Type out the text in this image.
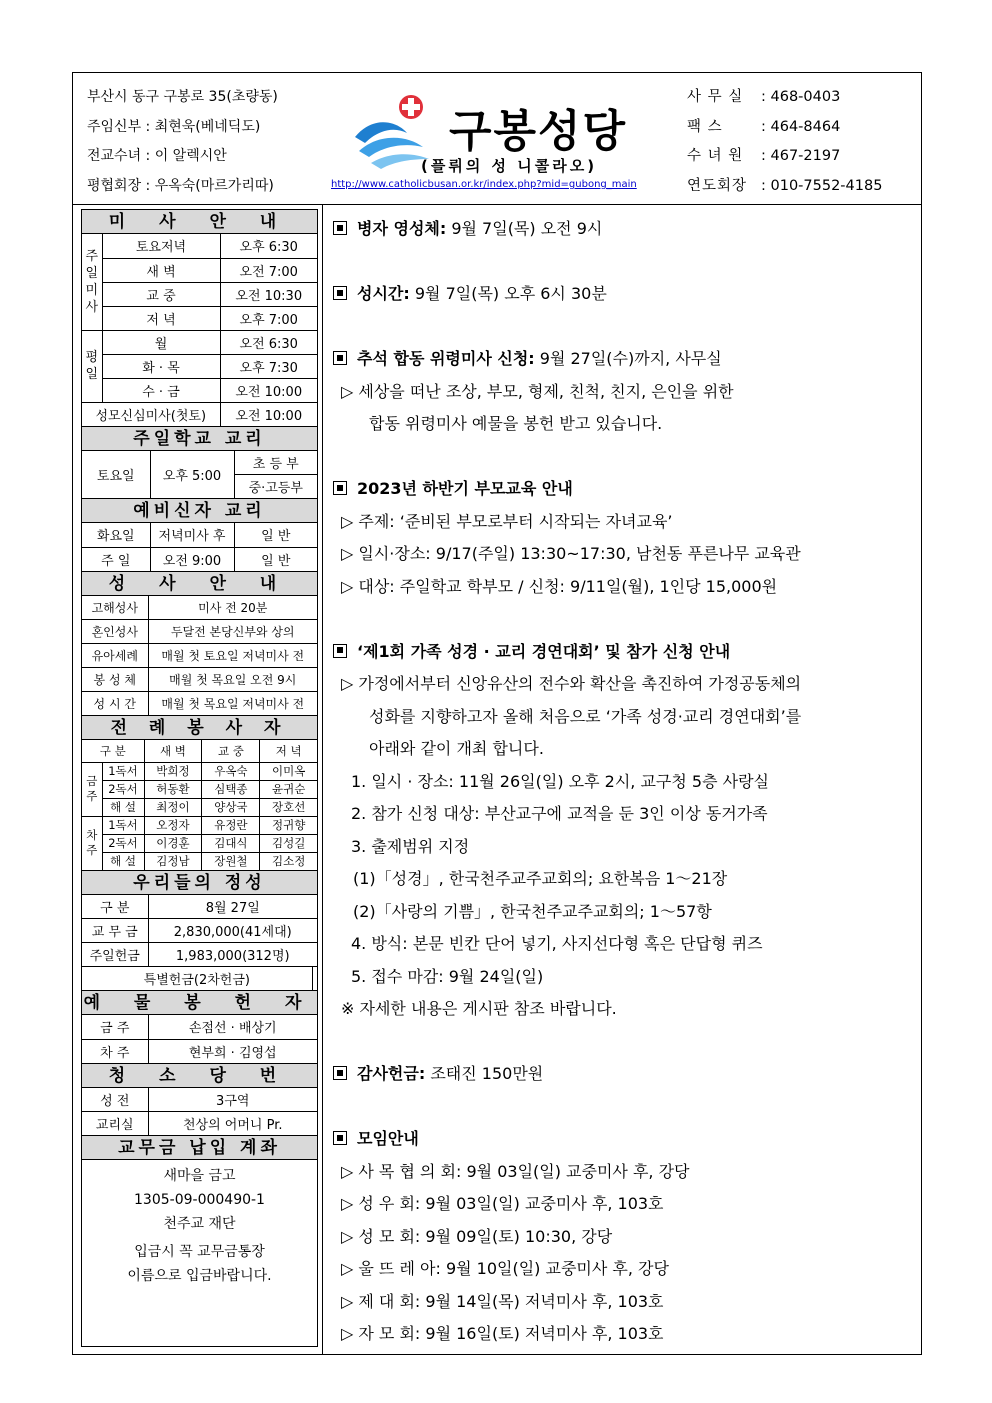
부산시 동구 구봉로 35(초량동)
주임신부 : 최현욱(베네딕도)
전교수녀 : 이 알렉시안
평협회장 : 우옥숙(마르가리따)
구봉성당
(플뤼의 성 니콜라오)
http://www.catholicbusan.or.kr/index.php?mid=gubong_main
사 무 실	: 468-0403
팩 스	: 464-8464
수 녀 원	: 467-2197
연도회장 : 010-7552-4185
미 사 안 내
주일미사	토요저녁	오후 6:30
	새 벽	오전 7:00
	교 중	오전 10:30
	저 녁	오후 7:00
평일	월	오전 6:30
	화 · 목	오후 7:30
	수 · 금	오전 10:00
성모신심미사(첫토)		오전 10:00
주일학교 교리
토요일	오후 5:00	초 등 부
중·고등부
예비신자 교리
화요일	저녁미사 후	일 반
주 일	오전 9:00	일 반
성 사 안 내
고해성사	미사 전 20분
혼인성사	두달전 본당신부와 상의
유아세례	매월 첫 토요일 저녁미사 전
봉 성 체	매월 첫 목요일 오전 9시
성 시 간	매월 첫 목요일 저녁미사 전
전 례 봉 사 자
구 분		새 벽	교 중	저 녁
금주	1독서	박희정	우옥숙	이미옥
	2독서	허동환	심택종	윤귀순
	해 설	최정이	양상국	장호선
차주	1독서	오정자	유정란	정귀향
	2독서	이경훈	김대식	김성길
	해 설	김정남	장원철	김소정
우리들의 정성
구 분	8월 27일	
교 무 금	2,830,000(41세대)	
주일헌금	1,983,000(312명)	
특별헌금(2차헌금)		
예 물 봉 헌 자
금 주	손점선 · 배상기
차 주	현부희 · 김영섭
청 소 당 번
성 전	3구역
교리실	천상의 어머니 Pr.
교무금 납입 계좌
새마을 금고
1305-09-000490-1
천주교 재단
입금시 꼭 교무금통장
이름으로 입금바랍니다.
병자 영성체: 9월 7일(목) 오전 9시
성시간: 9월 7일(목) 오후 6시 30분
추석 합동 위령미사 신청: 9월 27일(수)까지, 사무실
▷ 세상을 떠난 조상, 부모, 형제, 친척, 친지, 은인을 위한
합동 위령미사 예물을 봉헌 받고 있습니다.
2023년 하반기 부모교육 안내
▷ 주제: ‘준비된 부모로부터 시작되는 자녀교육’
▷ 일시·장소: 9/17(주일) 13:30~17:30, 남천동 푸른나무 교육관
▷ 대상: 주일학교 학부모 / 신청: 9/11일(월), 1인당 15,000원
‘제1회 가족 성경 · 교리 경연대회’ 및 참가 신청 안내
▷ 가정에서부터 신앙유산의 전수와 확산을 촉진하여 가정공동체의
성화를 지향하고자 올해 처음으로 ‘가족 성경·교리 경연대회’를
아래와 같이 개최 합니다.
1. 일시 · 장소: 11월 26일(일) 오후 2시, 교구청 5층 사랑실
2. 참가 신청 대상: 부산교구에 교적을 둔 3인 이상 동거가족
3. 출제범위 지정
(1)「성경」, 한국천주교주교회의; 요한복음 1～21장
(2)「사랑의 기쁨」, 한국천주교주교회의; 1～57항
4. 방식: 본문 빈칸 단어 넣기, 사지선다형 혹은 단답형 퀴즈
5. 접수 마감: 9월 24일(일)
※ 자세한 내용은 게시판 참조 바랍니다.
감사헌금: 조태진 150만원
모임안내
▷ 사 목 협 의 회: 9월 03일(일) 교중미사 후, 강당
▷ 성 우 회: 9월 03일(일) 교중미사 후, 103호
▷ 성 모 회: 9월 09일(토) 10:30, 강당
▷ 울 뜨 레 아: 9월 10일(일) 교중미사 후, 강당
▷ 제 대 회: 9월 14일(목) 저녁미사 후, 103호
▷ 자 모 회: 9월 16일(토) 저녁미사 후, 103호
